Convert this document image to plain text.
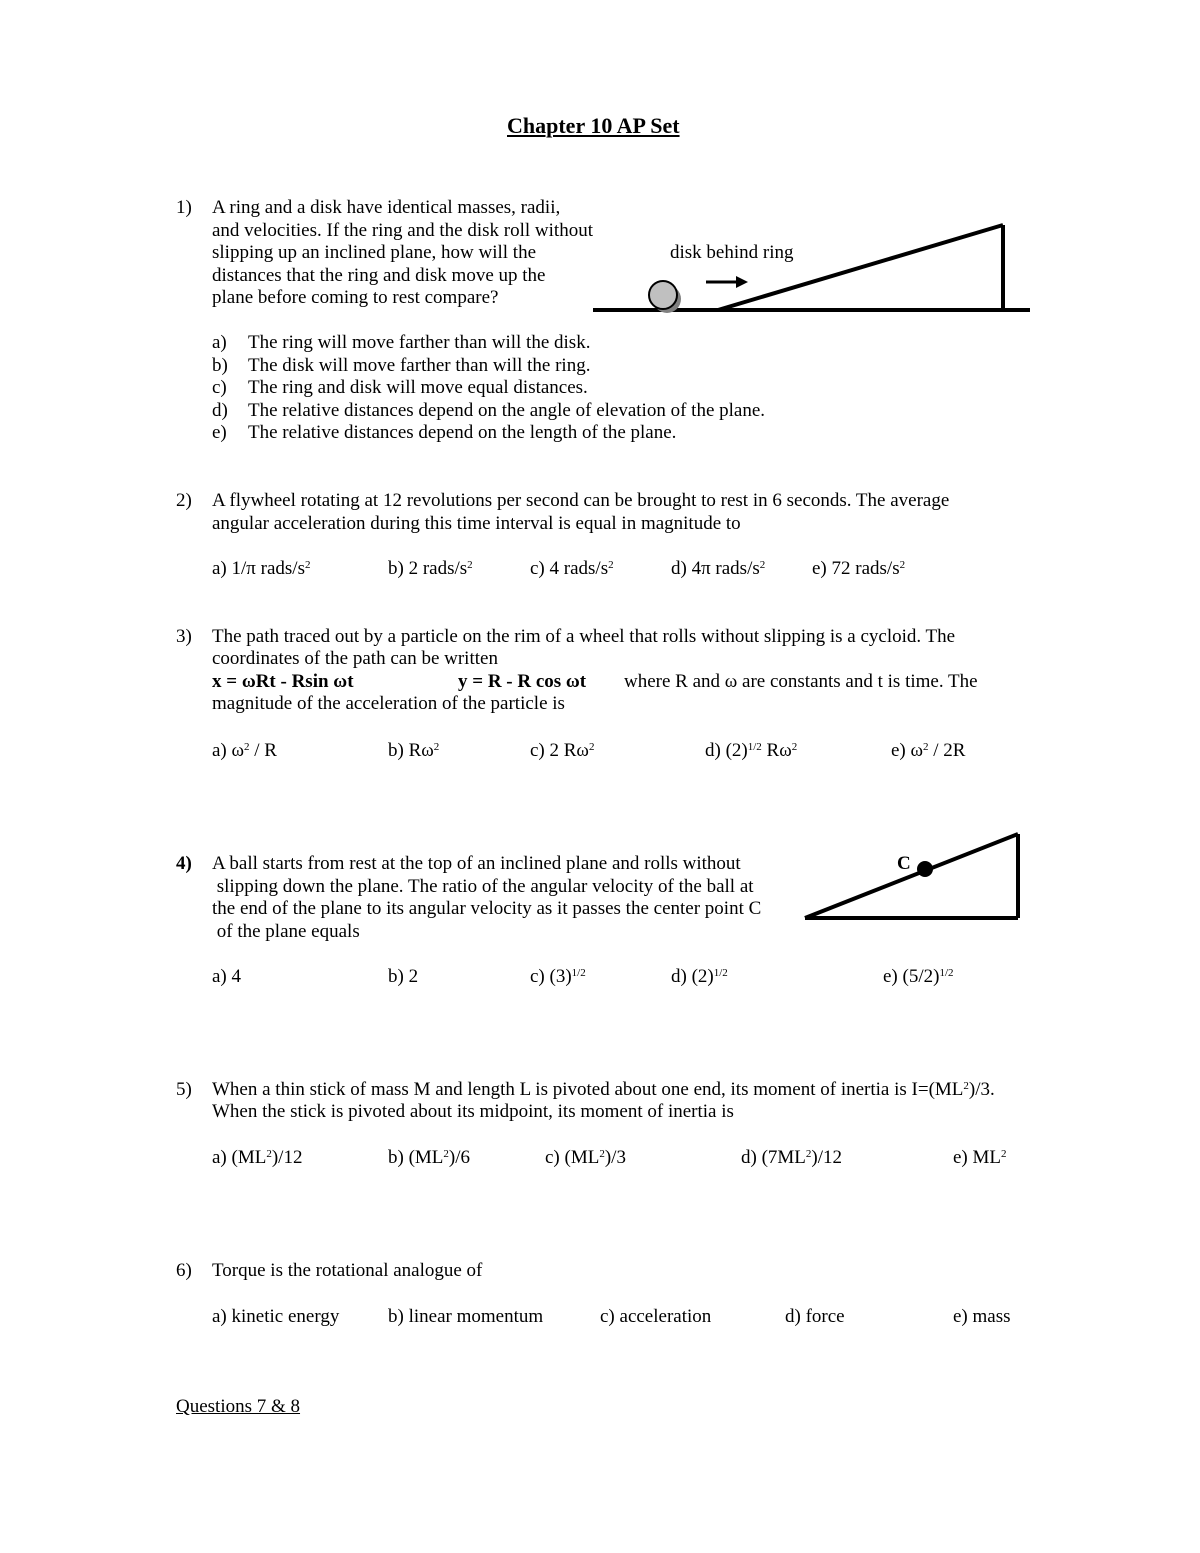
Chapter 10 AP Set
1) A ring and a disk have identical masses, radii,
and velocities. If the ring and the disk roll without
slipping up an inclined plane, how will the
distances that the ring and disk move up the
plane before coming to rest compare?
disk behind ring
a) The ring will move farther than will the disk.
b) The disk will move farther than will the ring.
c) The ring and disk will move equal distances.
d) The relative distances depend on the angle of elevation of the plane.
e) The relative distances depend on the length of the plane.
2) A flywheel rotating at 12 revolutions per second can be brought to rest in 6 seconds. The average
angular acceleration during this time interval is equal in magnitude to
a) 1/π rads/$s^2$	b) 2 rads/$s^2$	c) 4 rads/$s^2$	d) 4π rads/$s^2$ e) 72 rads/$s^2$
3) The path traced out by a particle on the rim of a wheel that rolls without slipping is a cycloid. The
coordinates of the path can be written
x = ωRt - Rsin ωt	y = R - R cos ωt where R and ω are constants and t is time. The
magnitude of the acceleration of the particle is
a) $\omega^2$ / R	b) $R\omega^2$	c) 2 $R\omega^2$	d) $(2)^{1/2}$ $R\omega^2$	e) $\omega^2 / 2R$
4) A ball starts from rest at the top of an inclined plane and rolls without
slipping down the plane. The ratio of the angular velocity of the ball at
the end of the plane to its angular velocity as it passes the center point C
of the plane equals
C
a) 4	b) 2	c) $(3)^{1/2}$	d) $(2)^{1/2}$	e) $(5/2)^{1/2}$
5) When a thin stick of mass M and length L is pivoted about one end, its moment of inertia is $I=(ML^2)/3$.
When the stick is pivoted about its midpoint, its moment of inertia is
a) $(ML^2)/12$	b) $(ML^2)/6$	c) $(ML^2)/3$	d) $(7ML^2)/12$	e) $ML^2$
6) Torque is the rotational analogue of
a) kinetic energy	b) linear momentum	c) acceleration	d) force	e) mass
Questions 7 & 8
